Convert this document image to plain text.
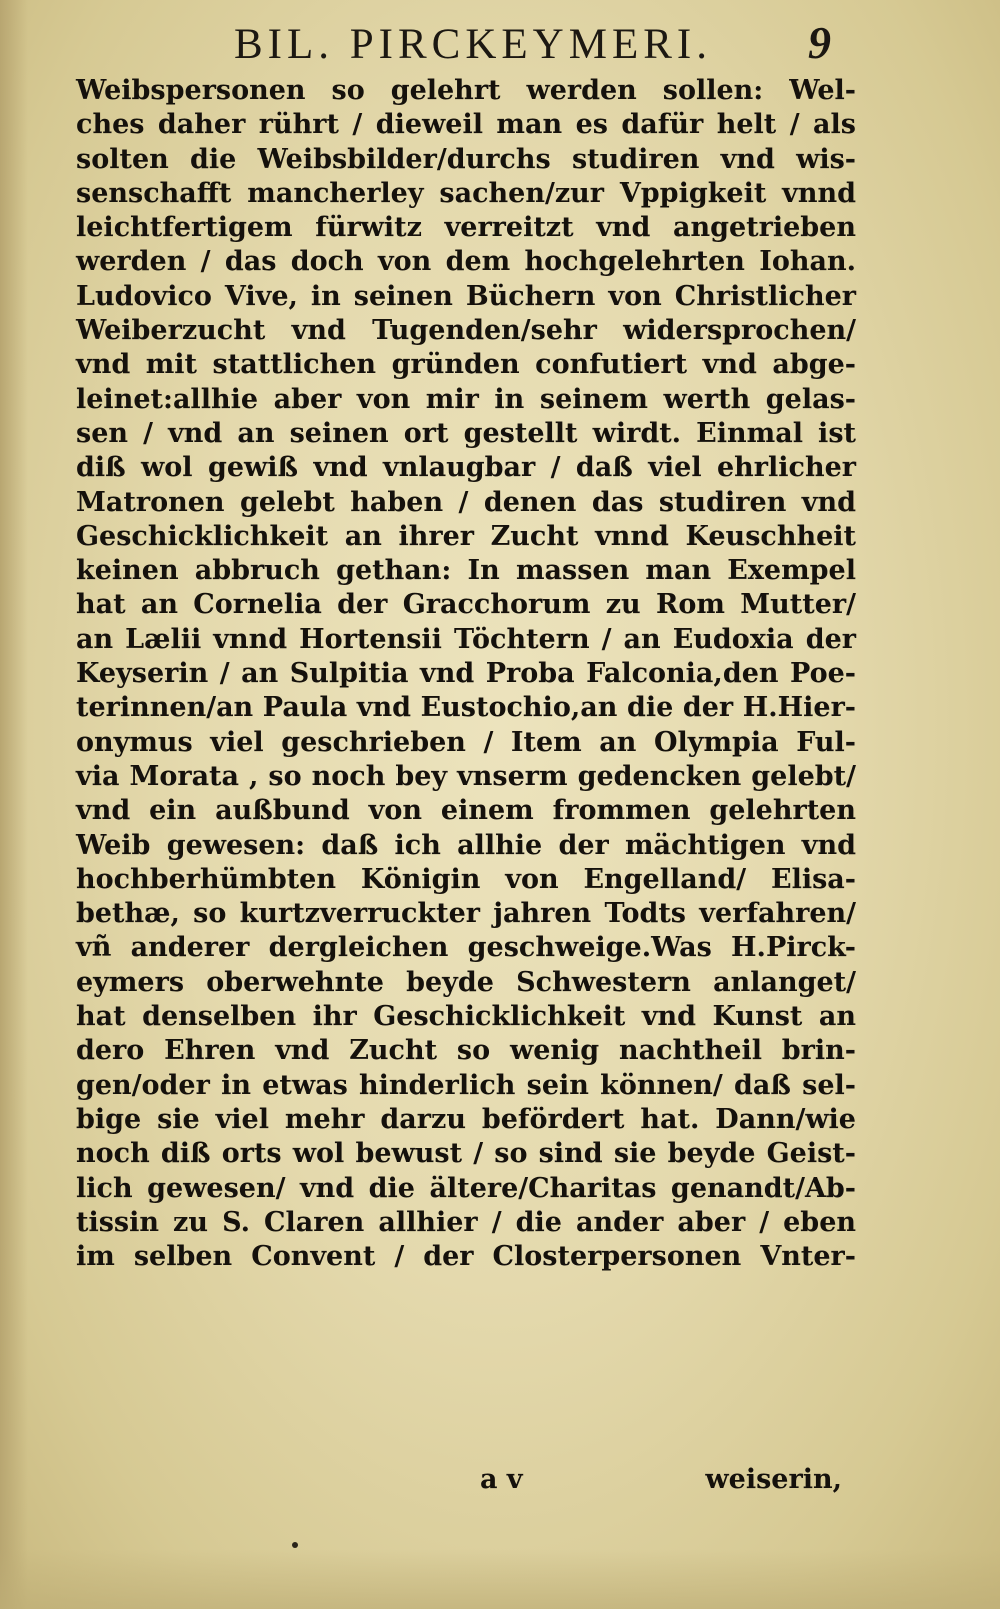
BIL. PIRCKEYMERI. 9
Weibspersonen so gelehrt werden sollen: Wel-
ches daher rührt / dieweil man es dafür helt / als
solten die Weibsbilder/durchs studiren vnd wis-
senschafft mancherley sachen/zur Vppigkeit vnnd
leichtfertigem fürwitz verreitzt vnd angetrieben
werden / das doch von dem hochgelehrten Iohan.
Ludovico Vive, in seinen Büchern von Christlicher
Weiberzucht vnd Tugenden/sehr widersprochen/
vnd mit stattlichen gründen confutiert vnd abge-
leinet:allhie aber von mir in seinem werth gelas-
sen / vnd an seinen ort gestellt wirdt. Einmal ist
diß wol gewiß vnd vnlaugbar / daß viel ehrlicher
Matronen gelebt haben / denen das studiren vnd
Geschicklichkeit an ihrer Zucht vnnd Keuschheit
keinen abbruch gethan: In massen man Exempel
hat an Cornelia der Gracchorum zu Rom Mutter/
an Lælii vnnd Hortensii Töchtern / an Eudoxia der
Keyserin / an Sulpitia vnd Proba Falconia,den Poe-
terinnen/an Paula vnd Eustochio,an die der H.Hier-
onymus viel geschrieben / Item an Olympia Ful-
via Morata , so noch bey vnserm gedencken gelebt/
vnd ein außbund von einem frommen gelehrten
Weib gewesen: daß ich allhie der mächtigen vnd
hochberhümbten Königin von Engelland/ Elisa-
bethæ, so kurtzverruckter jahren Todts verfahren/
vñ anderer dergleichen geschweige.Was H.Pirck-
eymers oberwehnte beyde Schwestern anlanget/
hat denselben ihr Geschicklichkeit vnd Kunst an
dero Ehren vnd Zucht so wenig nachtheil brin-
gen/oder in etwas hinderlich sein können/ daß sel-
bige sie viel mehr darzu befördert hat. Dann/wie
noch diß orts wol bewust / so sind sie beyde Geist-
lich gewesen/ vnd die ältere/Charitas genandt/Ab-
tissin zu S. Claren allhier / die ander aber / eben
im selben Convent / der Closterpersonen Vnter-
a v	weiserin,
